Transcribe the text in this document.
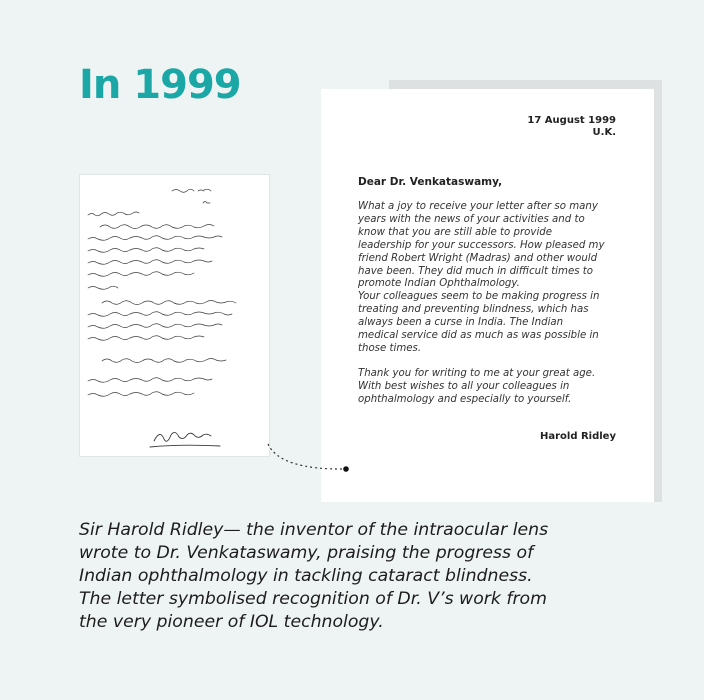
In 1999
17 August 1999
U.K.
Dear Dr. Venkataswamy,
What a joy to receive your letter after so many
years with the news of your activities and to
know that you are still able to provide
leadership for your successors. How pleased my
friend Robert Wright (Madras) and other would
have been. They did much in difficult times to
promote Indian Ophthalmology.
Your colleagues seem to be making progress in
treating and preventing blindness, which has
always been a curse in India. The Indian
medical service did as much as was possible in
those times.
Thank you for writing to me at your great age.
With best wishes to all your colleagues in
ophthalmology and especially to yourself.
Harold Ridley
Sir Harold Ridley— the inventor of the intraocular lens
wrote to Dr. Venkataswamy, praising the progress of
Indian ophthalmology in tackling cataract blindness.
The letter symbolised recognition of Dr. V’s work from
the very pioneer of IOL technology.
